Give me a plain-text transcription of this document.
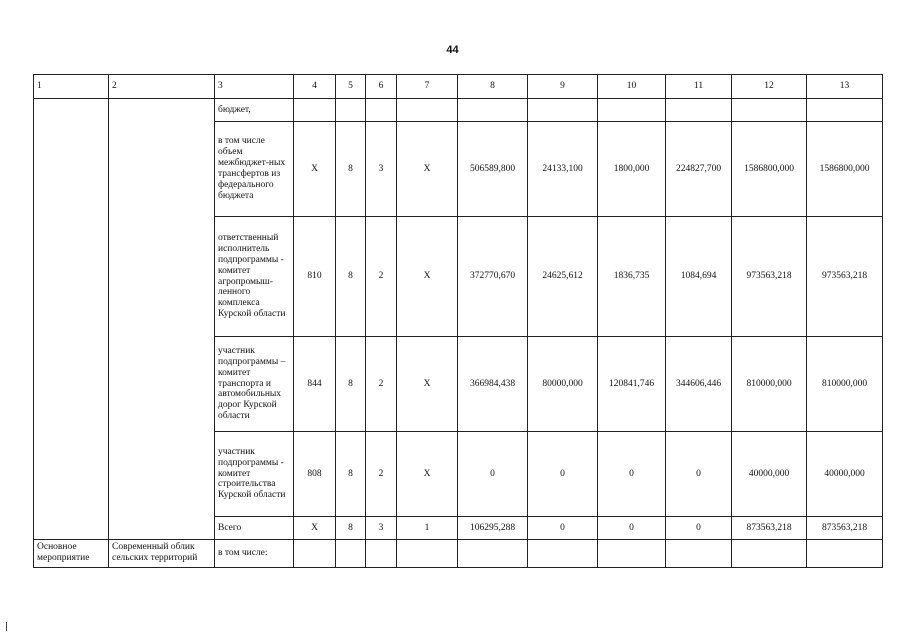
44
1	2	3	4	5	6	7	8	9	10	11	12	13
		бюджет,										
		в том числе объем межбюджет-ных трансфертов из федерального бюджета	X	8	3	X	506589,800	24133,100	1800,000	224827,700	1586800,000	1586800,000
		ответственный исполнитель подпрограммы - комитет агропромыш-ленного комплекса Курской области	810	8	2	X	372770,670	24625,612	1836,735	1084,694	973563,218	973563,218
		участник подпрограммы – комитет транспорта и автомобильных дорог Курской области	844	8	2	X	366984,438	80000,000	120841,746	344606,446	810000,000	810000,000
		участник подпрограммы - комитет строительства Курской области	808	8	2	X	0	0	0	0	40000,000	40000,000
		Всего	X	8	3	1	106295,288	0	0	0	873563,218	873563,218

Основное мероприятие	Современный облик сельских территорий	в том числе:										
